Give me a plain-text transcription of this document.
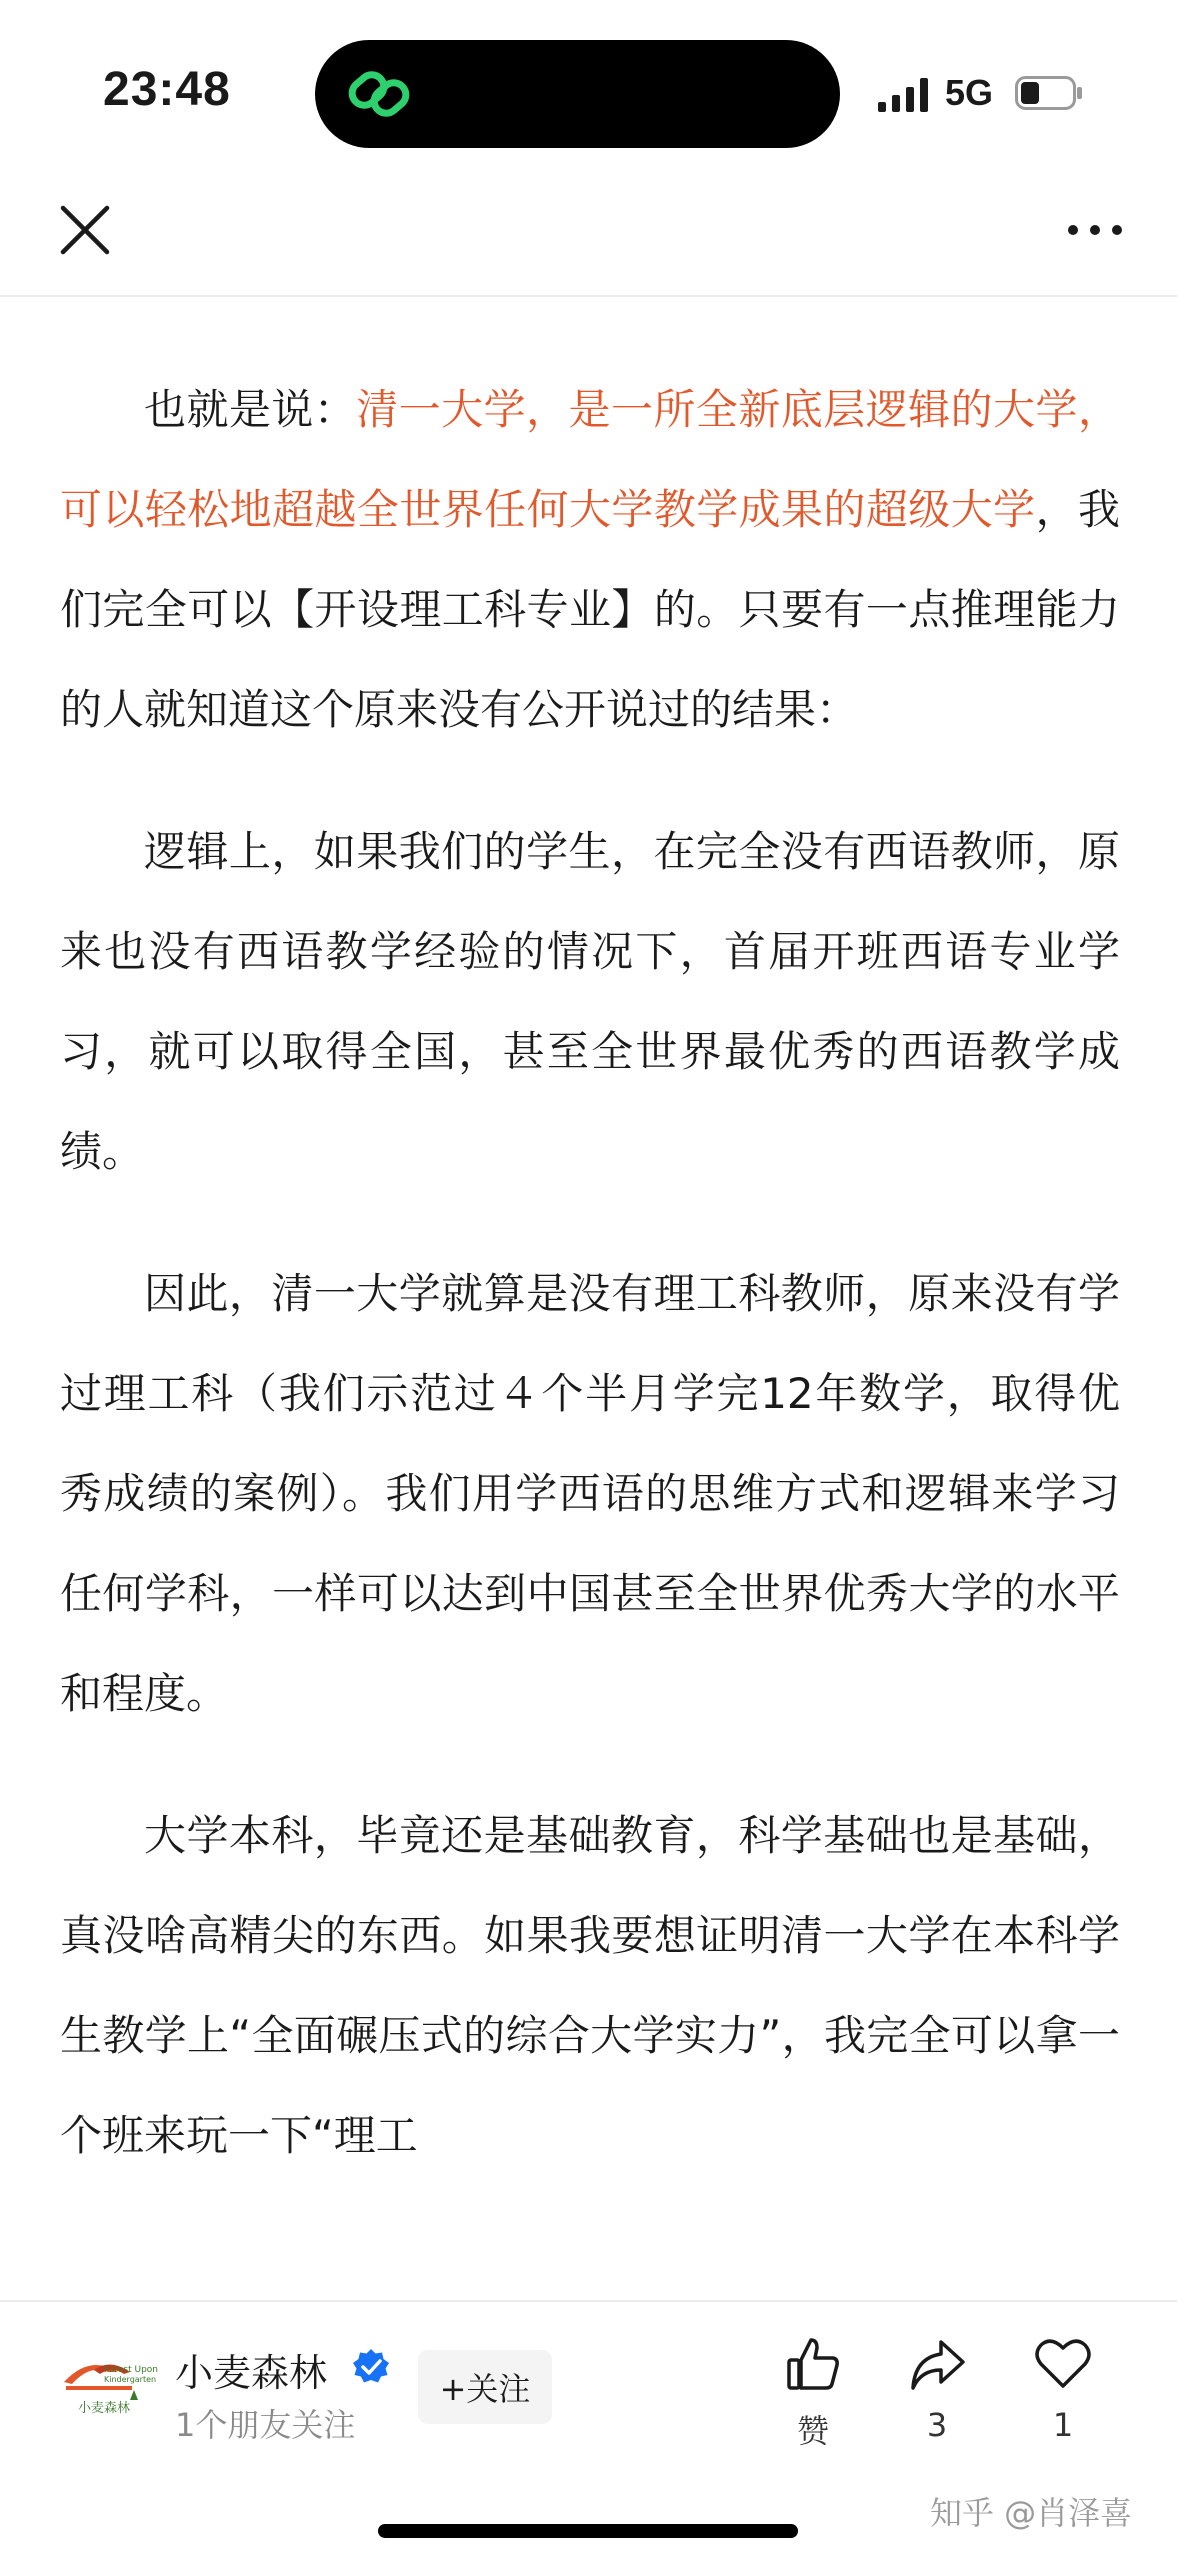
23:48	5G

也就是说：清一大学，是一所全新底层逻辑的大学，可以轻松地超越全世界任何大学教学成果的超级大学，我们完全可以【开设理工科专业】的。只要有一点推理能力的人就知道这个原来没有公开说过的结果：

逻辑上，如果我们的学生，在完全没有西语教师，原来也没有西语教学经验的情况下，首届开班西语专业学习，就可以取得全国，甚至全世界最优秀的西语教学成绩。

因此，清一大学就算是没有理工科教师，原来没有学过理工科（我们示范过４个半月学完12年数学，取得优秀成绩的案例）。我们用学西语的思维方式和逻辑来学习任何学科，一样可以达到中国甚至全世界优秀大学的水平和程度。

大学本科，毕竟还是基础教育，科学基础也是基础，真没啥高精尖的东西。如果我要想证明清一大学在本科学生教学上“全面碾压式的综合大学实力”，我完全可以拿一个班来玩一下“理工

Forest Upon
Kindergarten
小麦森林
小麦森林
1个朋友关注
+关注
赞	3	1
知乎 @肖泽喜
